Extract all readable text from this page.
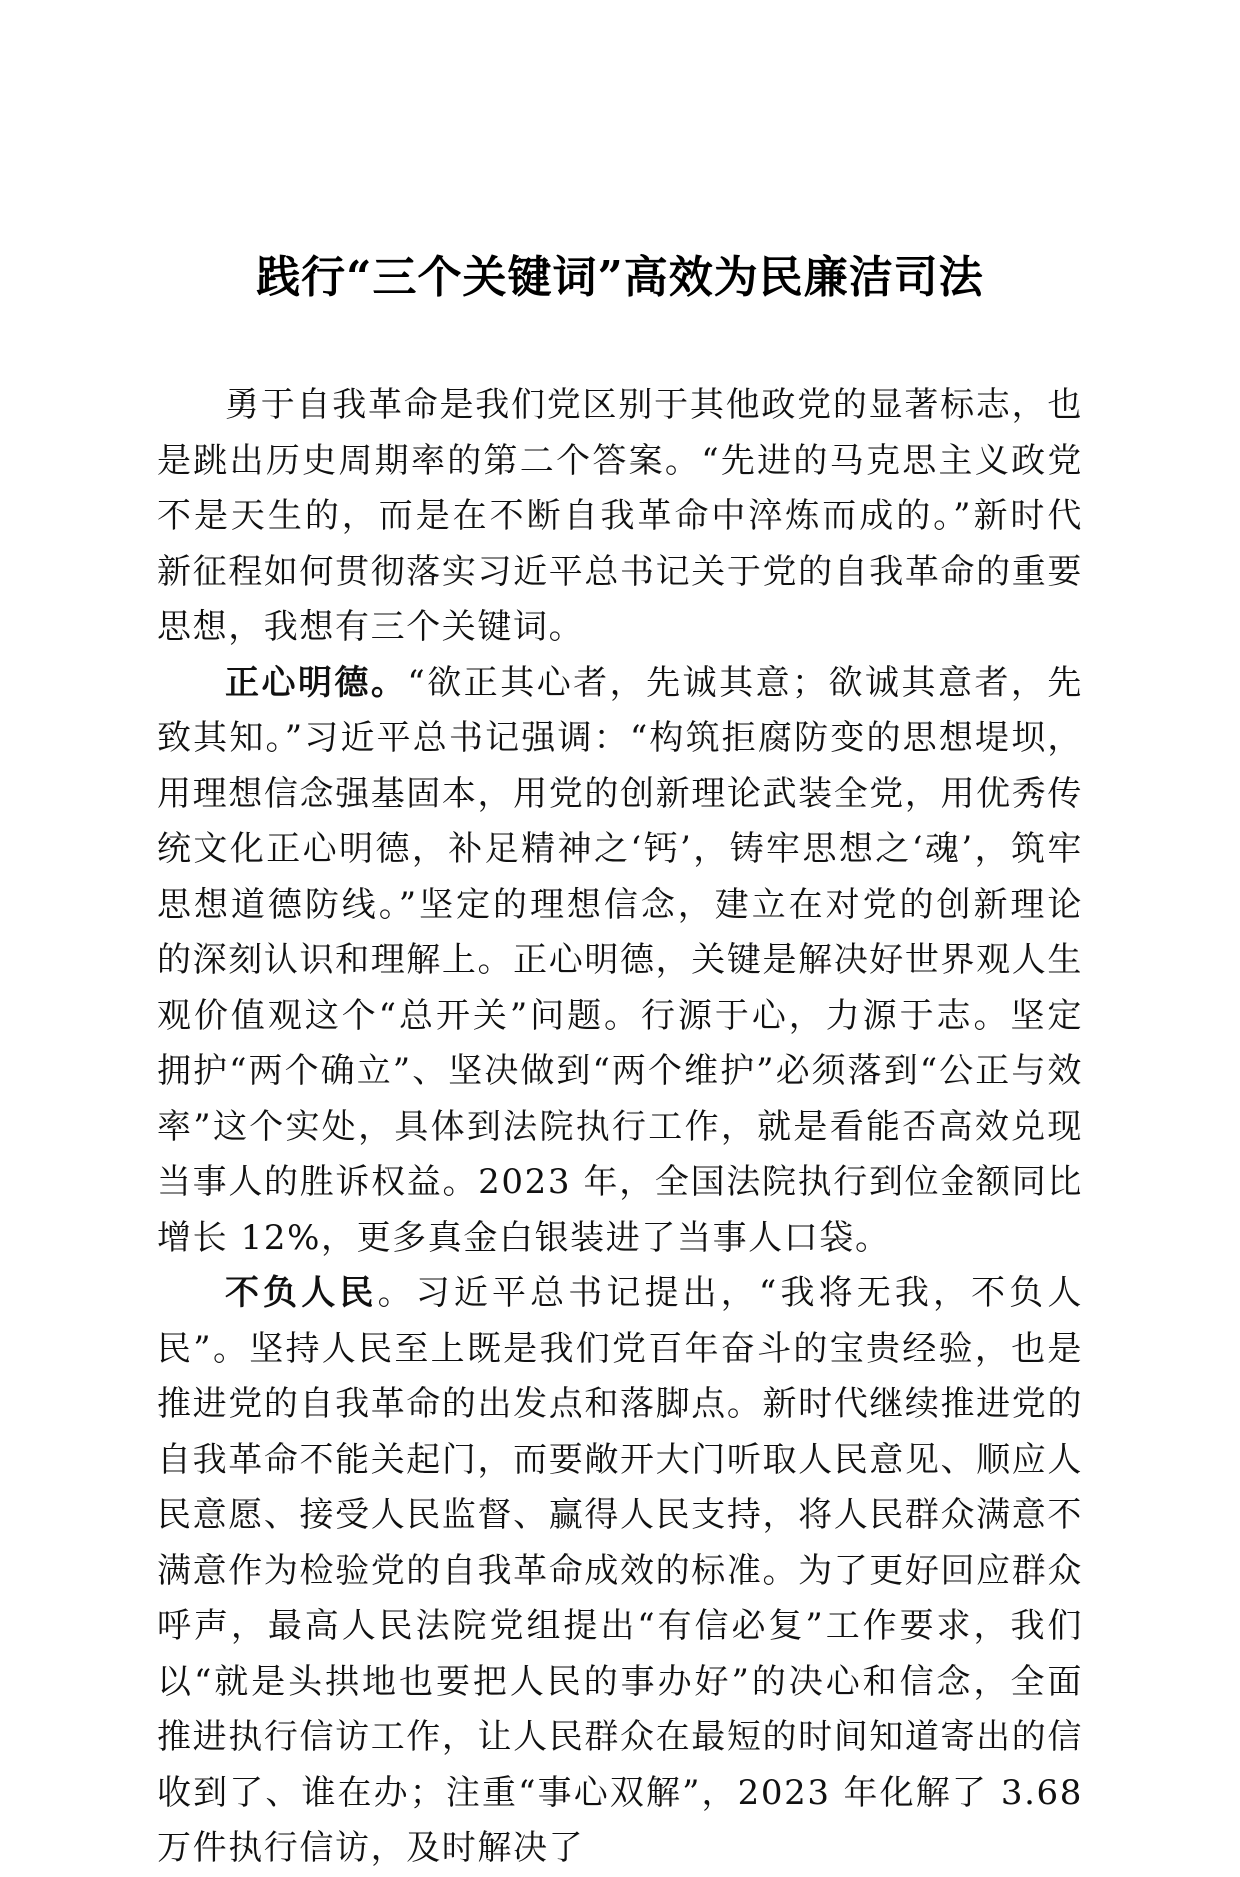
践行“三个关键词”高效为民廉洁司法

勇于自我革命是我们党区别于其他政党的显著标志，也是跳出历史周期率的第二个答案。“先进的马克思主义政党不是天生的，而是在不断自我革命中淬炼而成的。”新时代新征程如何贯彻落实习近平总书记关于党的自我革命的重要思想，我想有三个关键词。

正心明德。“欲正其心者，先诚其意；欲诚其意者，先致其知。”习近平总书记强调：“构筑拒腐防变的思想堤坝，用理想信念强基固本，用党的创新理论武装全党，用优秀传统文化正心明德，补足精神之‘钙’，铸牢思想之‘魂’，筑牢思想道德防线。”坚定的理想信念，建立在对党的创新理论的深刻认识和理解上。正心明德，关键是解决好世界观人生观价值观这个“总开关”问题。行源于心，力源于志。坚定拥护“两个确立”、坚决做到“两个维护”必须落到“公正与效率”这个实处，具体到法院执行工作，就是看能否高效兑现当事人的胜诉权益。2023 年，全国法院执行到位金额同比增长 12%，更多真金白银装进了当事人口袋。

不负人民。习近平总书记提出，“我将无我，不负人民”。坚持人民至上既是我们党百年奋斗的宝贵经验，也是推进党的自我革命的出发点和落脚点。新时代继续推进党的自我革命不能关起门，而要敞开大门听取人民意见、顺应人民意愿、接受人民监督、赢得人民支持，将人民群众满意不满意作为检验党的自我革命成效的标准。为了更好回应群众呼声，最高人民法院党组提出“有信必复”工作要求，我们以“就是头拱地也要把人民的事办好”的决心和信念，全面推进执行信访工作，让人民群众在最短的时间知道寄出的信收到了、谁在办；注重“事心双解”，2023 年化解了 3.68 万件执行信访，及时解决了
